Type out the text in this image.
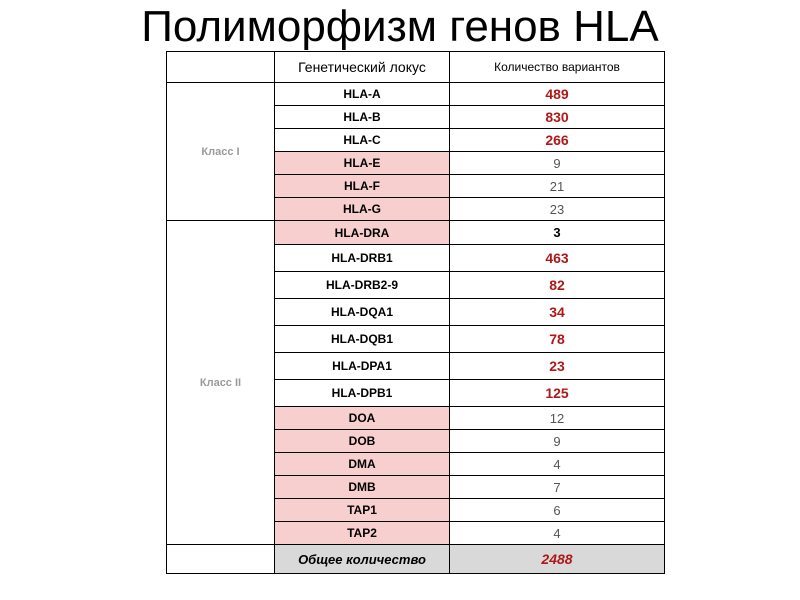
Полиморфизм генов HLA
	Генетический локус	Количество вариантов
Класс I	HLA-A	489
	HLA-B	830
	HLA-C	266
	HLA-E	9
	HLA-F	21
	HLA-G	23
Класс II	HLA-DRA	3
	HLA-DRB1	463
	HLA-DRB2-9	82
	HLA-DQA1	34
	HLA-DQB1	78
	HLA-DPA1	23
	HLA-DPB1	125
	DOA	12
	DOB	9
	DMA	4
	DMB	7
	TAP1	6
	TAP2	4
	Общее количество	2488
